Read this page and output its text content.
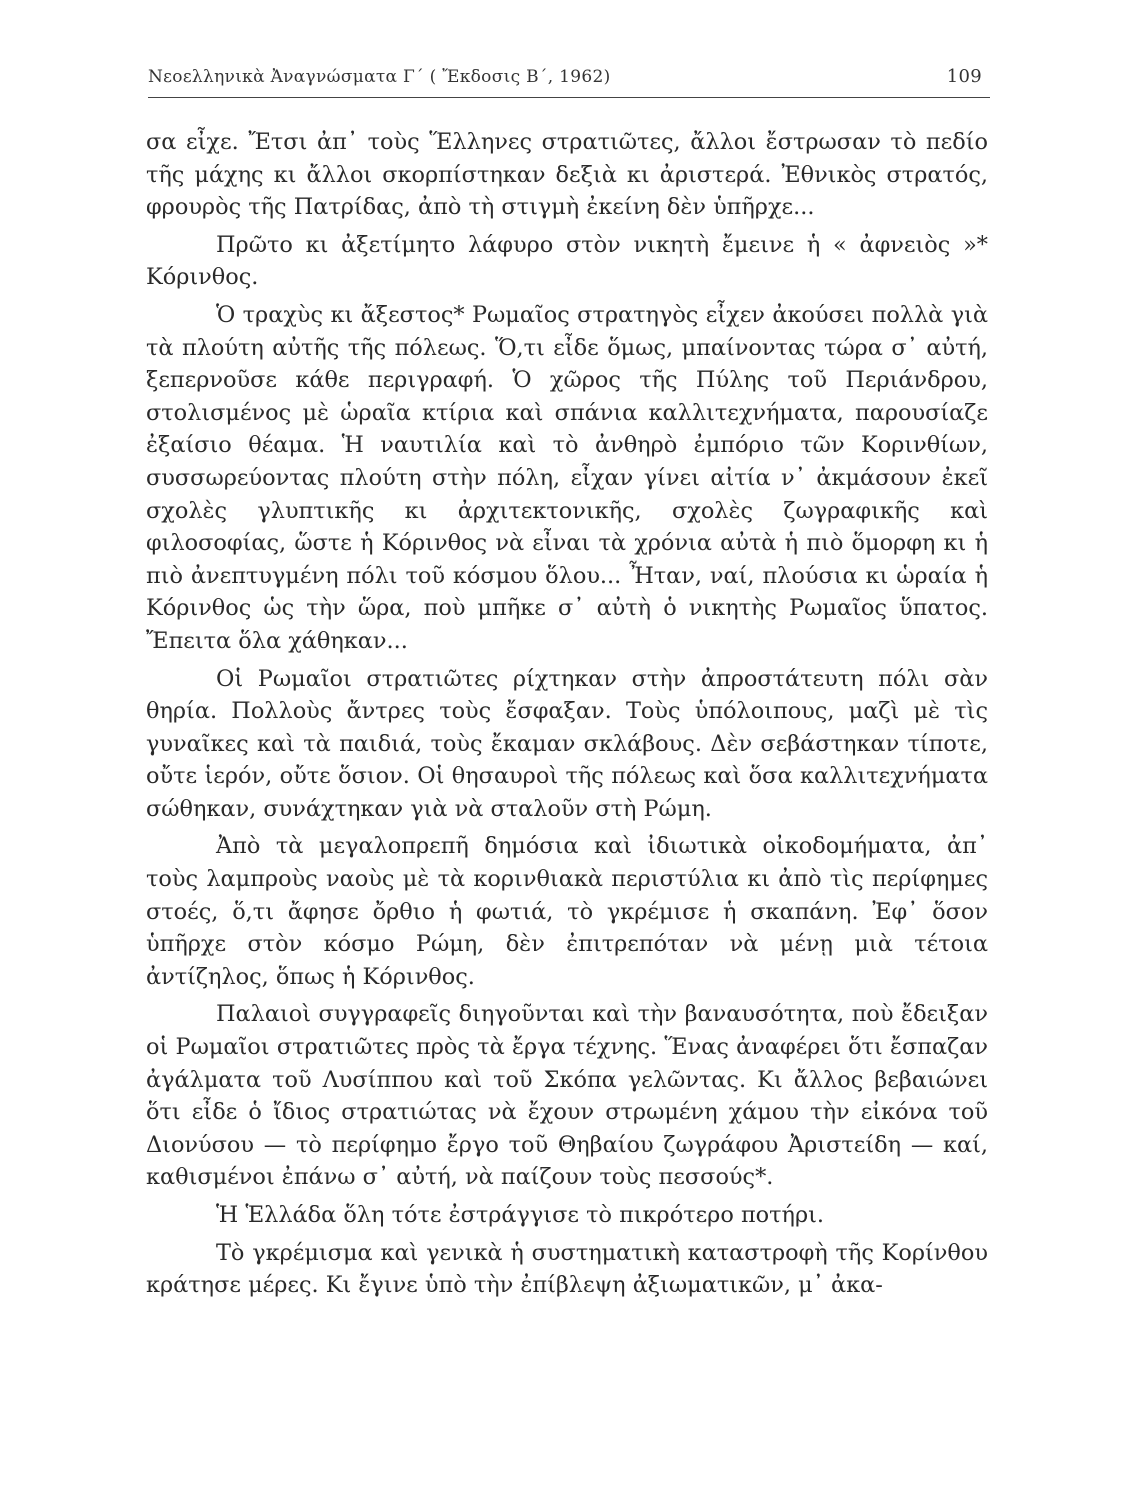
Νεοελληνικὰ Ἀναγνώσματα Γ΄ ( Ἔκδοσις Β΄, 1962)	109

σα εἶχε. Ἔτσι ἀπ᾿ τοὺς Ἕλληνες στρατιῶτες, ἄλλοι ἔστρωσαν τὸ πεδίο τῆς μάχης κι ἄλλοι σκορπίστηκαν δεξιὰ κι ἀριστερά. Ἐθνικὸς στρατός, φρουρὸς τῆς Πατρίδας, ἀπὸ τὴ στιγμὴ ἐκείνη δὲν ὑπῆρχε...

Πρῶτο κι ἀξετίμητο λάφυρο στὸν νικητὴ ἔμεινε ἡ « ἀφνειὸς »* Κόρινθος.

Ὁ τραχὺς κι ἄξεστος* Ρωμαῖος στρατηγὸς εἶχεν ἀκούσει πολλὰ γιὰ τὰ πλούτη αὐτῆς τῆς πόλεως. Ὅ,τι εἶδε ὅμως, μπαίνοντας τώρα σ᾿ αὐτή, ξεπερνοῦσε κάθε περιγραφή. Ὁ χῶρος τῆς Πύλης τοῦ Περιάνδρου, στολισμένος μὲ ὡραῖα κτίρια καὶ σπάνια καλλιτεχνήματα, παρουσίαζε ἐξαίσιο θέαμα. Ἡ ναυτιλία καὶ τὸ ἀνθηρὸ ἐμπόριο τῶν Κορινθίων, συσσωρεύοντας πλούτη στὴν πόλη, εἶχαν γίνει αἰτία ν᾿ ἀκμάσουν ἐκεῖ σχολὲς γλυπτικῆς κι ἀρχιτεκτονικῆς, σχολὲς ζωγραφικῆς καὶ φιλοσοφίας, ὥστε ἡ Κόρινθος νὰ εἶναι τὰ χρόνια αὐτὰ ἡ πιὸ ὅμορφη κι ἡ πιὸ ἀνεπτυγμένη πόλι τοῦ κόσμου ὅλου... Ἦταν, ναί, πλούσια κι ὡραία ἡ Κόρινθος ὡς τὴν ὥρα, ποὺ μπῆκε σ᾿ αὐτὴ ὁ νικητὴς Ρωμαῖος ὕπατος. Ἔπειτα ὅλα χάθηκαν...

Οἱ Ρωμαῖοι στρατιῶτες ρίχτηκαν στὴν ἀπροστάτευτη πόλι σὰν θηρία. Πολλοὺς ἄντρες τοὺς ἔσφαξαν. Τοὺς ὑπόλοιπους, μαζὶ μὲ τὶς γυναῖκες καὶ τὰ παιδιά, τοὺς ἔκαμαν σκλάβους. Δὲν σεβάστηκαν τίποτε, οὔτε ἱερόν, οὔτε ὅσιον. Οἱ θησαυροὶ τῆς πόλεως καὶ ὅσα καλλιτεχνήματα σώθηκαν, συνάχτηκαν γιὰ νὰ σταλοῦν στὴ Ρώμη.

Ἀπὸ τὰ μεγαλοπρεπῆ δημόσια καὶ ἰδιωτικὰ οἰκοδομήματα, ἀπ᾿ τοὺς λαμπροὺς ναοὺς μὲ τὰ κορινθιακὰ περιστύλια κι ἀπὸ τὶς περίφημες στοές, ὅ,τι ἄφησε ὄρθιο ἡ φωτιά, τὸ γκρέμισε ἡ σκαπάνη. Ἐφ᾿ ὅσον ὑπῆρχε στὸν κόσμο Ρώμη, δὲν ἐπιτρεπόταν νὰ μένῃ μιὰ τέτοια ἀντίζηλος, ὅπως ἡ Κόρινθος.

Παλαιοὶ συγγραφεῖς διηγοῦνται καὶ τὴν βαναυσότητα, ποὺ ἔδειξαν οἱ Ρωμαῖοι στρατιῶτες πρὸς τὰ ἔργα τέχνης. Ἕνας ἀναφέρει ὅτι ἔσπαζαν ἀγάλματα τοῦ Λυσίππου καὶ τοῦ Σκόπα γελῶντας. Κι ἄλλος βεβαιώνει ὅτι εἶδε ὁ ἴδιος στρατιώτας νὰ ἔχουν στρωμένη χάμου τὴν εἰκόνα τοῦ Διονύσου — τὸ περίφημο ἔργο τοῦ Θηβαίου ζωγράφου Ἀριστείδη — καί, καθισμένοι ἐπάνω σ᾿ αὐτή, νὰ παίζουν τοὺς πεσσούς*.

Ἡ Ἑλλάδα ὅλη τότε ἐστράγγισε τὸ πικρότερο ποτήρι.

Τὸ γκρέμισμα καὶ γενικὰ ἡ συστηματικὴ καταστροφὴ τῆς Κορίνθου κράτησε μέρες. Κι ἔγινε ὑπὸ τὴν ἐπίβλεψη ἀξιωματικῶν, μ᾿ ἀκα-
